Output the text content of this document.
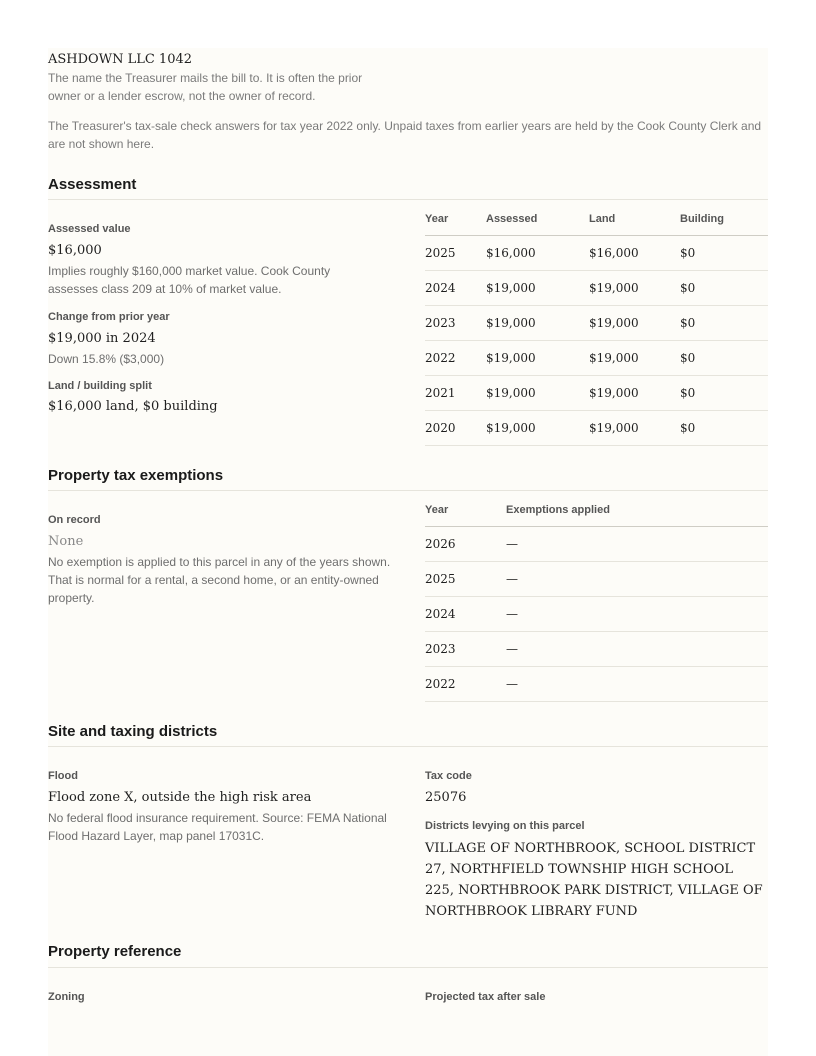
ASHDOWN LLC 1042
The name the Treasurer mails the bill to. It is often the prior owner or a lender escrow, not the owner of record.
The Treasurer's tax-sale check answers for tax year 2022 only. Unpaid taxes from earlier years are held by the Cook County Clerk and are not shown here.
Assessment
Assessed value
$16,000
Implies roughly $160,000 market value. Cook County assesses class 209 at 10% of market value.
Change from prior year
$19,000 in 2024
Down 15.8% ($3,000)
Land / building split
$16,000 land, $0 building
Year	Assessed	Land	Building
2025	$16,000	$16,000	$0
2024	$19,000	$19,000	$0
2023	$19,000	$19,000	$0
2022	$19,000	$19,000	$0
2021	$19,000	$19,000	$0
2020	$19,000	$19,000	$0
Property tax exemptions
On record
None
No exemption is applied to this parcel in any of the years shown. That is normal for a rental, a second home, or an entity-owned property.
Year	Exemptions applied
2026	—
2025	—
2024	—
2023	—
2022	—
Site and taxing districts
Flood
Flood zone X, outside the high risk area
No federal flood insurance requirement. Source: FEMA National Flood Hazard Layer, map panel 17031C.
Tax code
25076
Districts levying on this parcel
VILLAGE OF NORTHBROOK, SCHOOL DISTRICT 27, NORTHFIELD TOWNSHIP HIGH SCHOOL 225, NORTHBROOK PARK DISTRICT, VILLAGE OF NORTHBROOK LIBRARY FUND
Property reference
Zoning	Projected tax after sale
